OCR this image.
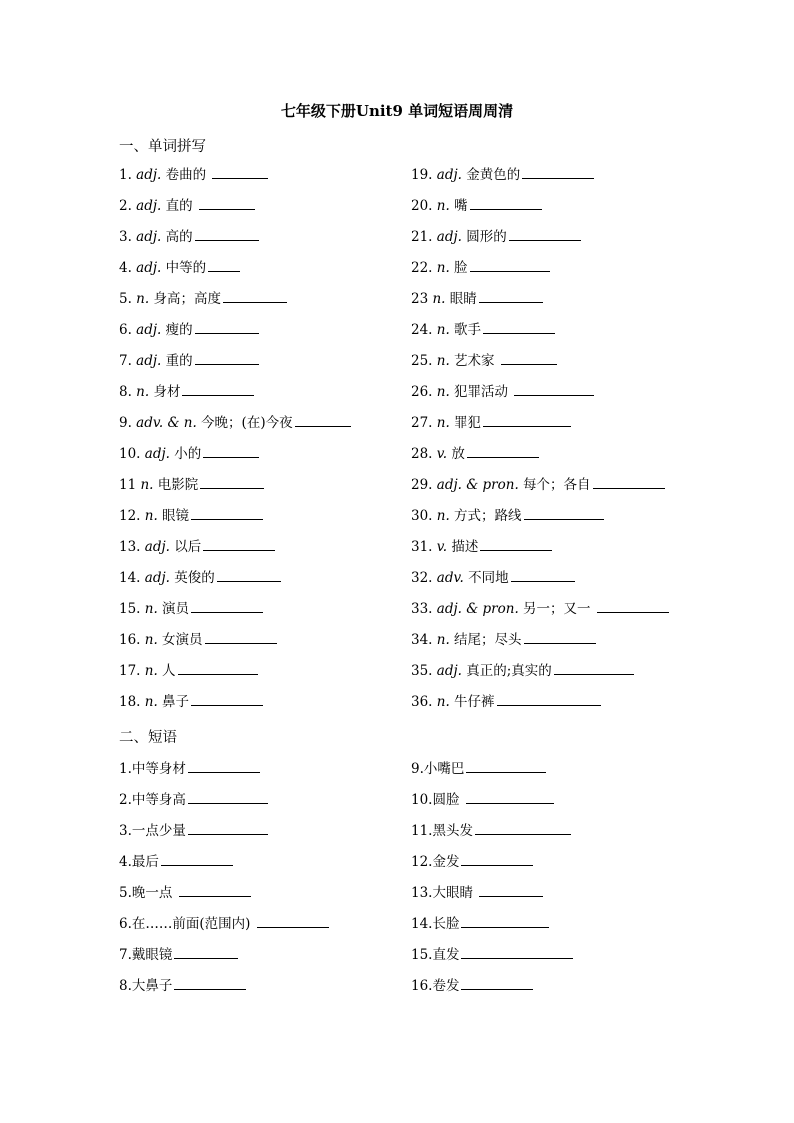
七年级下册Unit9 单词短语周周清
一、单词拼写
1. adj. 卷曲的	19. adj. 金黄色的
2. adj. 直的	20. n. 嘴
3. adj. 高的	21. adj. 圆形的
4. adj. 中等的	22. n. 脸
5. n. 身高；高度	23 n. 眼睛
6. adj. 瘦的	24. n. 歌手
7. adj. 重的	25. n. 艺术家
8. n. 身材	26. n. 犯罪活动
9. adv. & n. 今晚；(在)今夜	27. n. 罪犯
10. adj. 小的	28. v. 放
11 n. 电影院	29. adj. & pron. 每个；各自
12. n. 眼镜	30. n. 方式；路线
13. adj. 以后	31. v. 描述
14. adj. 英俊的	32. adv. 不同地
15. n. 演员	33. adj. & pron. 另一；又一
16. n. 女演员	34. n. 结尾；尽头
17. n. 人	35. adj. 真正的;真实的
18. n. 鼻子	36. n. 牛仔裤
二、短语
1.中等身材	9.小嘴巴
2.中等身高	10.圆脸
3.一点少量	11.黑头发
4.最后	12.金发
5.晚一点	13.大眼睛
6.在……前面(范围内)	14.长脸
7.戴眼镜	15.直发
8.大鼻子	16.卷发
